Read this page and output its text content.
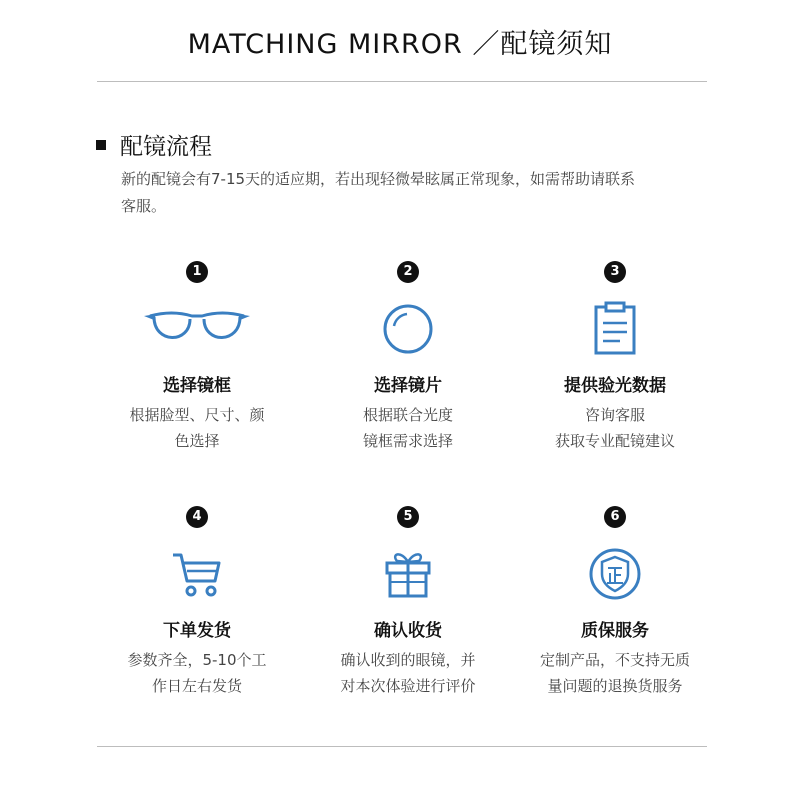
MATCHING MIRROR ／配镜须知
配镜流程
新的配镜会有7-15天的适应期，若出现轻微晕眩属正常现象，如需帮助请联系
客服。
1
选择镜框
根据脸型、尺寸、颜
色选择
2
选择镜片
根据联合光度
镜框需求选择
3
提供验光数据
咨询客服
获取专业配镜建议
4
下单发货
参数齐全，5-10个工
作日左右发货
5
确认收货
确认收到的眼镜，并
对本次体验进行评价
6
质保服务
定制产品，不支持无质
量问题的退换货服务
